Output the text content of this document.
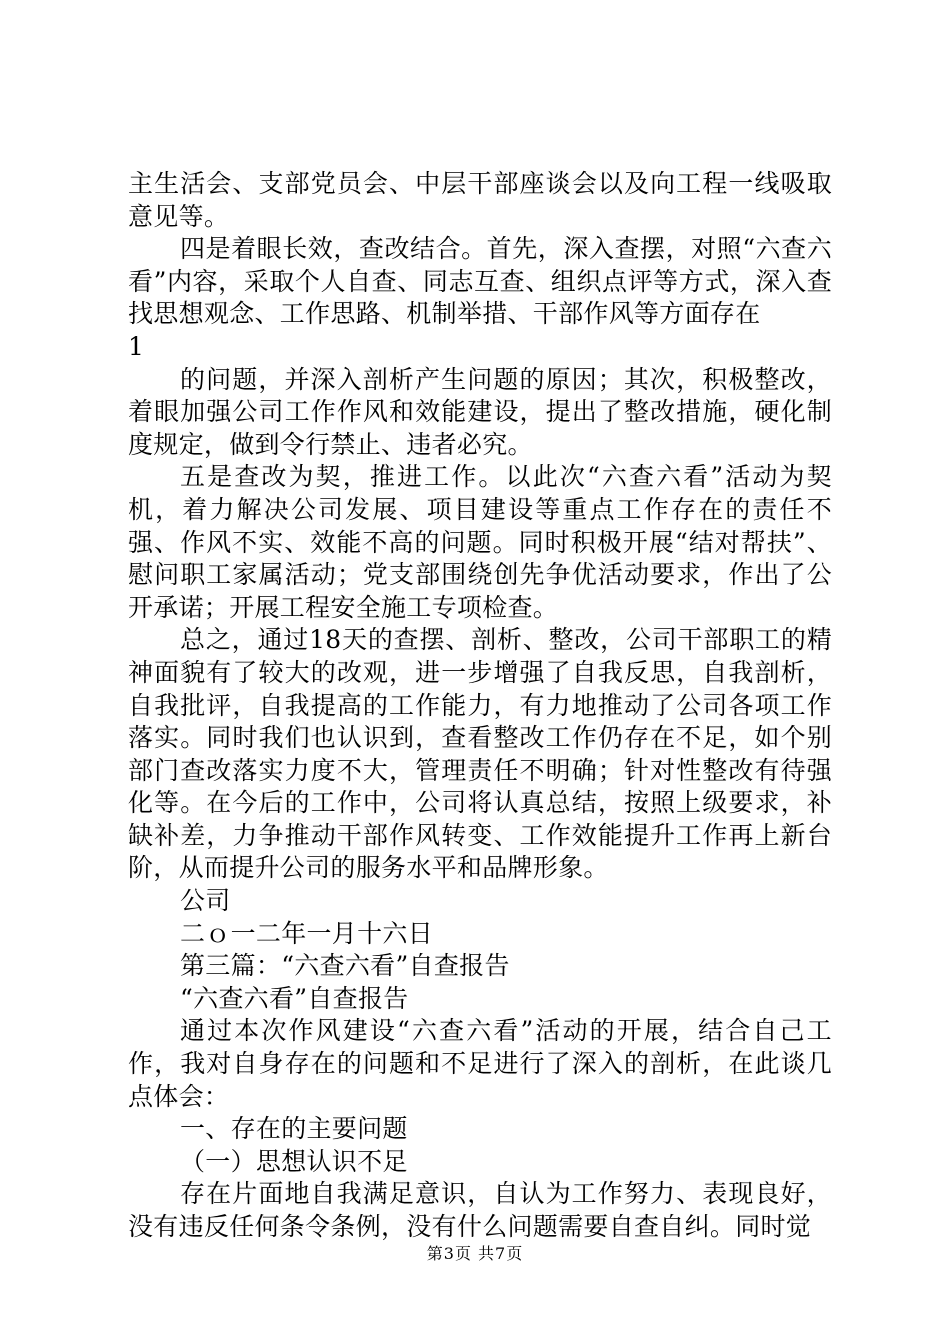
主生活会、支部党员会、中层干部座谈会以及向工程一线吸取意见等。

四是着眼长效，查改结合。首先，深入查摆，对照“六查六看”内容，采取个人自查、同志互查、组织点评等方式，深入查找思想观念、工作思路、机制举措、干部作风等方面存在

1

的问题，并深入剖析产生问题的原因；其次，积极整改，着眼加强公司工作作风和效能建设，提出了整改措施，硬化制度规定，做到令行禁止、违者必究。

五是查改为契，推进工作。以此次“六查六看”活动为契机，着力解决公司发展、项目建设等重点工作存在的责任不强、作风不实、效能不高的问题。同时积极开展“结对帮扶”、慰问职工家属活动；党支部围绕创先争优活动要求，作出了公开承诺；开展工程安全施工专项检查。

总之，通过18天的查摆、剖析、整改，公司干部职工的精神面貌有了较大的改观，进一步增强了自我反思，自我剖析，自我批评，自我提高的工作能力，有力地推动了公司各项工作落实。同时我们也认识到，查看整改工作仍存在不足，如个别部门查改落实力度不大，管理责任不明确；针对性整改有待强化等。在今后的工作中，公司将认真总结，按照上级要求，补缺补差，力争推动干部作风转变、工作效能提升工作再上新台阶，从而提升公司的服务水平和品牌形象。

公司

二ｏ一二年一月十六日

第三篇：“六查六看”自查报告

“六查六看”自查报告

通过本次作风建设“六查六看”活动的开展，结合自己工作，我对自身存在的问题和不足进行了深入的剖析，在此谈几点体会：

一、存在的主要问题

（一）思想认识不足

存在片面地自我满足意识，自认为工作努力、表现良好，没有违反任何条令条例，没有什么问题需要自查自纠。同时觉

第3页 共7页
